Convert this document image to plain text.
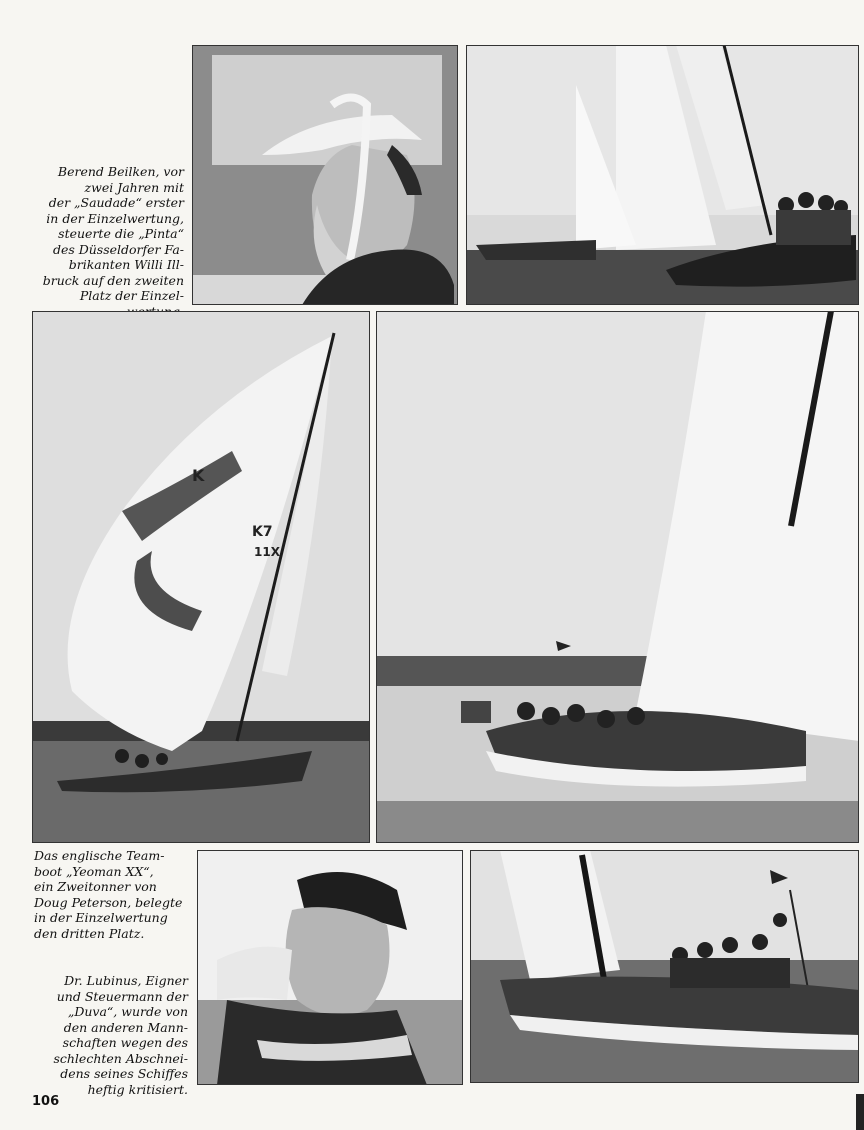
Berend Beilken, vor
zwei Jahren mit
der „Saudade“ erster
in der Einzelwertung,
steuerte die „Pinta“
des Düsseldorfer Fa-
brikanten Willi Ill-
bruck auf den zweiten
Platz der Einzel-

K
K7
11X

Das englische Team-
boot „Yeoman XX“,
ein Zweitonner von
Doug Peterson, belegte
in der Einzelwertung
den dritten Platz.

Dr. Lubinus, Eigner
und Steuermann der
„Duva“, wurde von
den anderen Mann-
schaften wegen des
schlechten Abschnei-
dens seines Schiffes
heftig kritisiert.

106
